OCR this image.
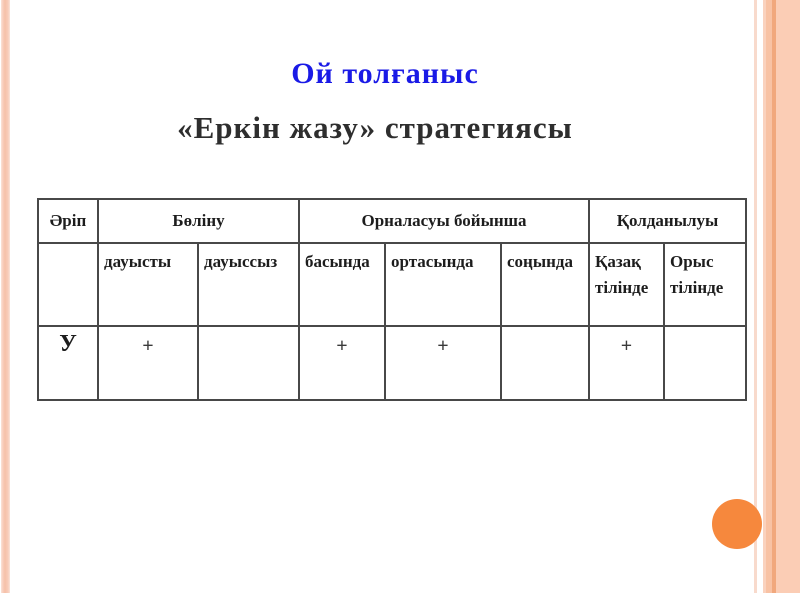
Ой толғаныс
«Еркін жазу» стратегиясы
Әріп	Бөліну		Орналасуы бойынша			Қолданылуы	
	дауысты	дауыссыз	басында	ортасында	соңында	Қазақ тілінде	Орыс тілінде
У	+		+	+		+	
